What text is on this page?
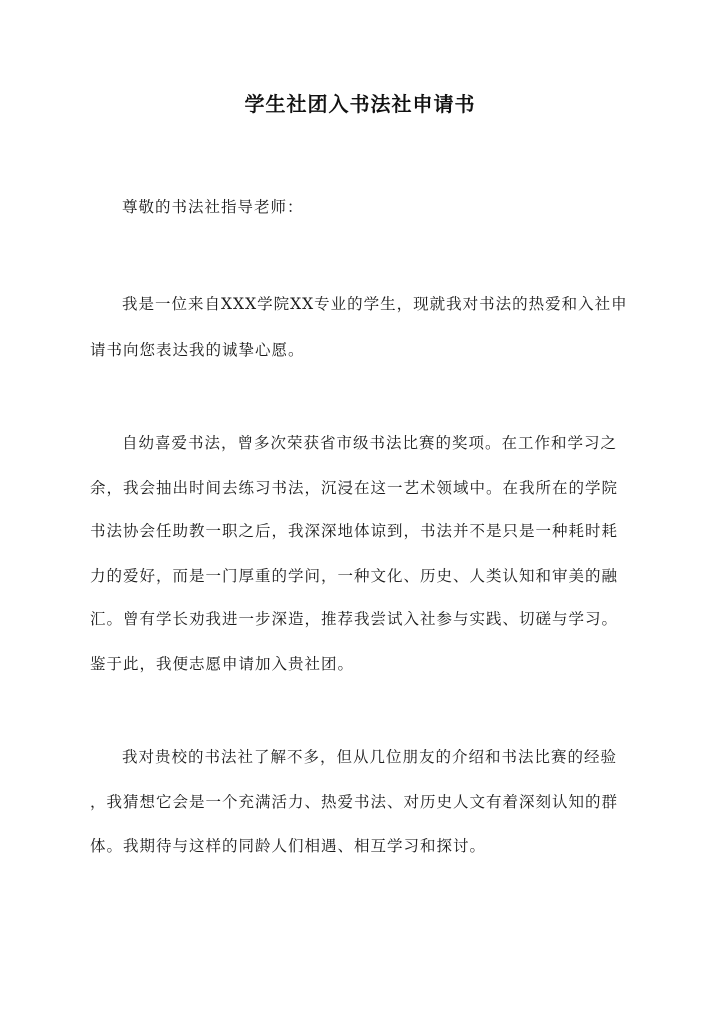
学生社团入书法社申请书
尊敬的书法社指导老师：
我是一位来自XXX学院XX专业的学生，现就我对书法的热爱和入社申
请书向您表达我的诚挚心愿。
自幼喜爱书法，曾多次荣获省市级书法比赛的奖项。在工作和学习之
余，我会抽出时间去练习书法，沉浸在这一艺术领域中。在我所在的学院
书法协会任助教一职之后，我深深地体谅到，书法并不是只是一种耗时耗
力的爱好，而是一门厚重的学问，一种文化、历史、人类认知和审美的融
汇。曾有学长劝我进一步深造，推荐我尝试入社参与实践、切磋与学习。
鉴于此，我便志愿申请加入贵社团。
我对贵校的书法社了解不多，但从几位朋友的介绍和书法比赛的经验
，我猜想它会是一个充满活力、热爱书法、对历史人文有着深刻认知的群
体。我期待与这样的同龄人们相遇、相互学习和探讨。
